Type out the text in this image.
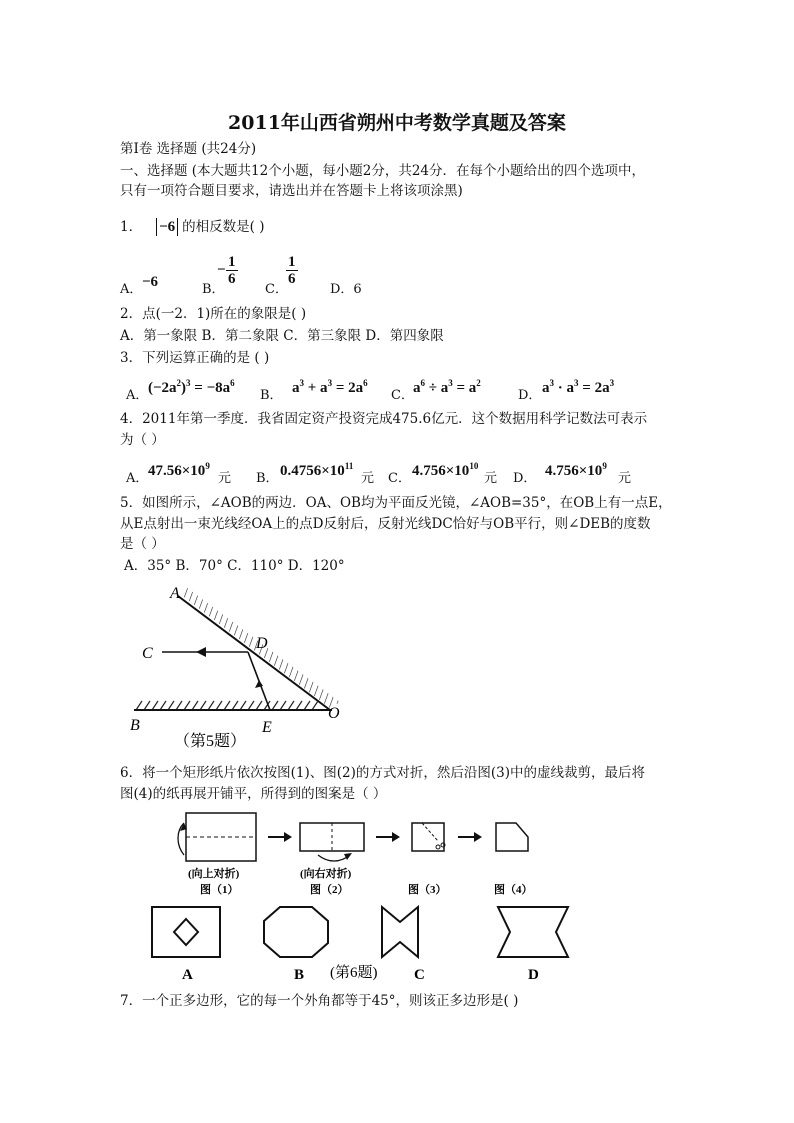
2011年山西省朔州中考数学真题及答案
第Ⅰ卷 选择题 (共24分)
一、选择题 (本大题共12个小题，每小题2分，共24分．在每个小题给出的四个选项中，
只有一项符合题目要求，请选出并在答题卡上将该项涂黑)
1． −6 的相反数是( )
A． −6	B．
− $\frac{1}{6}$
C．
$\frac{1}{6}$
D．6
2．点(一2．1)所在的象限是( )
A．第一象限 B．第二象限 C．第三象限 D．第四象限
3．下列运算正确的是 ( )
A． $(-2a^2)^3 = -8a^6$
B． $a^3 + a^3 = 2a^6$
C． $a^6 \div a^3 = a^2$
D． $a^3 \cdot a^3 = 2a^3$
4．2011年第一季度．我省固定资产投资完成475.6亿元．这个数据用科学记数法可表示
为（ ）
A． $47.56\times 10^9$
元 B． $0.4756\times 10^{11}$
元 C． $4.756\times 10^{10}$
元 D． $4.756\times 10^9$
元
5．如图所示，∠AOB的两边．OA、OB均为平面反光镜，∠AOB=35°，在OB上有一点E，
从E点射出一束光线经OA上的点D反射后，反射光线DC恰好与OB平行，则∠DEB的度数
是（ ）
A．35° B．70° C．110° D．120°
A
C
D
B	E
O
（第5题）
6．将一个矩形纸片依次按图(1)、图(2)的方式对折，然后沿图(3)中的虚线裁剪，最后将
图(4)的纸再展开铺平，所得到的图案是（ ）
(向上对折)	(向右对折)
图（1）	图（2）	图（3）	图（4）
A	B (第6题) C	D
7．一个正多边形，它的每一个外角都等于45°，则该正多边形是( )
